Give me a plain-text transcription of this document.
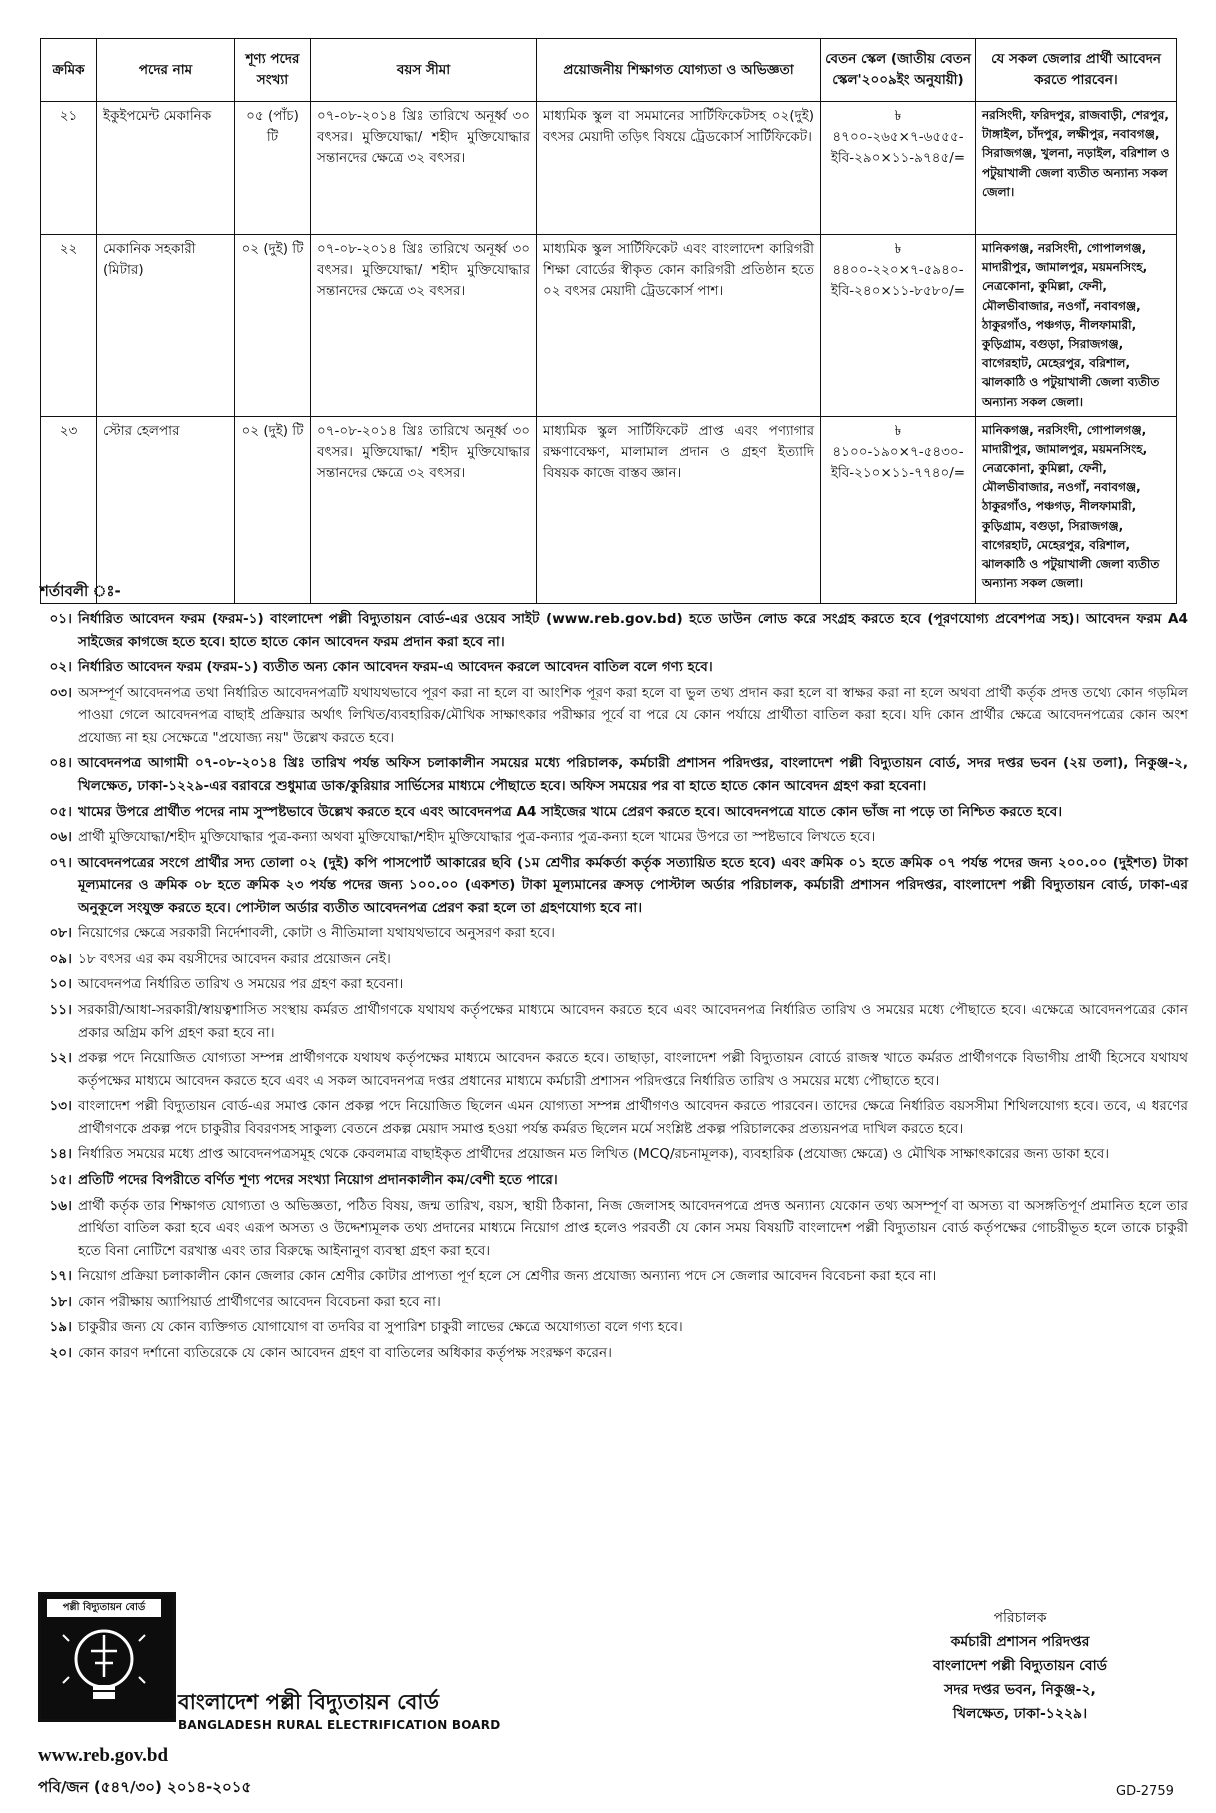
ক্রমিক	পদের নাম	শূণ্য পদের সংখ্যা	বয়স সীমা	প্রয়োজনীয় শিক্ষাগত যোগ্যতা ও অভিজ্ঞতা	বেতন স্কেল (জাতীয় বেতন স্কেল'২০০৯ইং অনুযায়ী)	যে সকল জেলার প্রার্থী আবেদন করতে পারবেন।
২১	ইকুইপমেন্ট মেকানিক	০৫ (পাঁচ) টি	০৭-০৮-২০১৪ খ্রিঃ তারিখে অনূর্ধ্ব ৩০ বৎসর। মুক্তিযোদ্ধা/ শহীদ মুক্তিযোদ্ধার সন্তানদের ক্ষেত্রে ৩২ বৎসর।	মাধ্যমিক স্কুল বা সমমানের সার্টিফিকেটসহ ০২(দুই) বৎসর মেয়াদী তড়িৎ বিষয়ে ট্রেডকোর্স সার্টিফিকেট।	৳ ৪৭০০-২৬৫×৭-৬৫৫৫-ইবি-২৯০×১১-৯৭৪৫/=	নরসিংদী, ফরিদপুর, রাজবাড়ী, শেরপুর, টাঙ্গাইল, চাঁদপুর, লক্ষীপুর, নবাবগঞ্জ, সিরাজগঞ্জ, খুলনা, নড়াইল, বরিশাল ও পটুয়াখালী জেলা ব্যতীত অন্যান্য সকল জেলা।
২২	মেকানিক সহকারী (মিটার)	০২ (দুই) টি	০৭-০৮-২০১৪ খ্রিঃ তারিখে অনূর্ধ্ব ৩০ বৎসর। মুক্তিযোদ্ধা/ শহীদ মুক্তিযোদ্ধার সন্তানদের ক্ষেত্রে ৩২ বৎসর।	মাধ্যমিক স্কুল সার্টিফিকেট এবং বাংলাদেশ কারিগরী শিক্ষা বোর্ডের স্বীকৃত কোন কারিগরী প্রতিষ্ঠান হতে ০২ বৎসর মেয়াদী ট্রেডকোর্স পাশ।	৳ ৪৪০০-২২০×৭-৫৯৪০-ইবি-২৪০×১১-৮৫৮০/=	মানিকগঞ্জ, নরসিংদী, গোপালগঞ্জ, মাদারীপুর, জামালপুর, ময়মনসিংহ, নেত্রকোনা, কুমিল্লা, ফেনী, মৌলভীবাজার, নওগাঁ, নবাবগঞ্জ, ঠাকুরগাঁও, পঞ্চগড়, নীলফামারী, কুড়িগ্রাম, বগুড়া, সিরাজগঞ্জ, বাগেরহাট, মেহেরপুর, বরিশাল, ঝালকাঠি ও পটুয়াখালী জেলা ব্যতীত অন্যান্য সকল জেলা।
২৩	স্টোর হেলপার	০২ (দুই) টি	০৭-০৮-২০১৪ খ্রিঃ তারিখে অনূর্ধ্ব ৩০ বৎসর। মুক্তিযোদ্ধা/ শহীদ মুক্তিযোদ্ধার সন্তানদের ক্ষেত্রে ৩২ বৎসর।	মাধ্যমিক স্কুল সার্টিফিকেট প্রাপ্ত এবং পণ্যাগার রক্ষণাবেক্ষণ, মালামাল প্রদান ও গ্রহণ ইত্যাদি বিষয়ক কাজে বাস্তব জ্ঞান।	৳ ৪১০০-১৯০×৭-৫৪৩০-ইবি-২১০×১১-৭৭৪০/=	মানিকগঞ্জ, নরসিংদী, গোপালগঞ্জ, মাদারীপুর, জামালপুর, ময়মনসিংহ, নেত্রকোনা, কুমিল্লা, ফেনী, মৌলভীবাজার, নওগাঁ, নবাবগঞ্জ, ঠাকুরগাঁও, পঞ্চগড়, নীলফামারী, কুড়িগ্রাম, বগুড়া, সিরাজগঞ্জ, বাগেরহাট, মেহেরপুর, বরিশাল, ঝালকাঠি ও পটুয়াখালী জেলা ব্যতীত অন্যান্য সকল জেলা।
শর্তাবলী ঃ-
০১। নির্ধারিত আবেদন ফরম (ফরম-১) বাংলাদেশ পল্লী বিদ্যুতায়ন বোর্ড-এর ওয়েব সাইট (www.reb.gov.bd) হতে ডাউন লোড করে সংগ্রহ করতে হবে (পূরণযোগ্য প্রবেশপত্র সহ)। আবেদন ফরম A4 সাইজের কাগজে হতে হবে। হাতে হাতে কোন আবেদন ফরম প্রদান করা হবে না।
০২। নির্ধারিত আবেদন ফরম (ফরম-১) ব্যতীত অন্য কোন আবেদন ফরম-এ আবেদন করলে আবেদন বাতিল বলে গণ্য হবে।
০৩। অসম্পূর্ণ আবেদনপত্র তথা নির্ধারিত আবেদনপত্রটি যথাযথভাবে পূরণ করা না হলে বা আংশিক পূরণ করা হলে বা ভুল তথ্য প্রদান করা হলে বা স্বাক্ষর করা না হলে অথবা প্রার্থী কর্তৃক প্রদত্ত তথ্যে কোন গড়মিল পাওয়া গেলে আবেদনপত্র বাছাই প্রক্রিয়ার অর্থাৎ লিখিত/ব্যবহারিক/মৌখিক সাক্ষাৎকার পরীক্ষার পূর্বে বা পরে যে কোন পর্যায়ে প্রার্থীতা বাতিল করা হবে। যদি কোন প্রার্থীর ক্ষেত্রে আবেদনপত্রের কোন অংশ প্রযোজ্য না হয় সেক্ষেত্রে "প্রযোজ্য নয়" উল্লেখ করতে হবে।
০৪। আবেদনপত্র আগামী ০৭-০৮-২০১৪ খ্রিঃ তারিখ পর্যন্ত অফিস চলাকালীন সময়ের মধ্যে পরিচালক, কর্মচারী প্রশাসন পরিদপ্তর, বাংলাদেশ পল্লী বিদ্যুতায়ন বোর্ড, সদর দপ্তর ভবন (২য় তলা), নিকুঞ্জ-২, খিলক্ষেত, ঢাকা-১২২৯-এর বরাবরে শুধুমাত্র ডাক/কুরিয়ার সার্ভিসের মাধ্যমে পৌছাতে হবে। অফিস সময়ের পর বা হাতে হাতে কোন আবেদন গ্রহণ করা হবেনা।
০৫। খামের উপরে প্রার্থীত পদের নাম সুস্পষ্টভাবে উল্লেখ করতে হবে এবং আবেদনপত্র A4 সাইজের খামে প্রেরণ করতে হবে। আবেদনপত্রে যাতে কোন ভাঁজ না পড়ে তা নিশ্চিত করতে হবে।
০৬। প্রার্থী মুক্তিযোদ্ধা/শহীদ মুক্তিযোদ্ধার পুত্র-কন্যা অথবা মুক্তিযোদ্ধা/শহীদ মুক্তিযোদ্ধার পুত্র-কন্যার পুত্র-কন্যা হলে খামের উপরে তা স্পষ্টভাবে লিখতে হবে।
০৭। আবেদনপত্রের সংগে প্রার্থীর সদ্য তোলা ০২ (দুই) কপি পাসপোর্ট আকারের ছবি (১ম শ্রেণীর কর্মকর্তা কর্তৃক সত্যায়িত হতে হবে) এবং ক্রমিক ০১ হতে ক্রমিক ০৭ পর্যন্ত পদের জন্য ২০০.০০ (দুইশত) টাকা মূল্যমানের ও ক্রমিক ০৮ হতে ক্রমিক ২৩ পর্যন্ত পদের জন্য ১০০.০০ (একশত) টাকা মূল্যমানের ক্রসড় পোস্টাল অর্ডার পরিচালক, কর্মচারী প্রশাসন পরিদপ্তর, বাংলাদেশ পল্লী বিদ্যুতায়ন বোর্ড, ঢাকা-এর অনুকূলে সংযুক্ত করতে হবে। পোস্টাল অর্ডার ব্যতীত আবেদনপত্র প্রেরণ করা হলে তা গ্রহণযোগ্য হবে না।
০৮। নিয়োগের ক্ষেত্রে সরকারী নির্দেশাবলী, কোটা ও নীতিমালা যথাযথভাবে অনুসরণ করা হবে।
০৯। ১৮ বৎসর এর কম বয়সীদের আবেদন করার প্রয়োজন নেই।
১০। আবেদনপত্র নির্ধারিত তারিখ ও সময়ের পর গ্রহণ করা হবেনা।
১১। সরকারী/আধা-সরকারী/স্বায়ত্বশাসিত সংস্থায় কর্মরত প্রার্থীগণকে যথাযথ কর্তৃপক্ষের মাধ্যমে আবেদন করতে হবে এবং আবেদনপত্র নির্ধারিত তারিখ ও সময়ের মধ্যে পৌছাতে হবে। এক্ষেত্রে আবেদনপত্রের কোন প্রকার অগ্রিম কপি গ্রহণ করা হবে না।
১২। প্রকল্প পদে নিয়োজিত যোগ্যতা সম্পন্ন প্রার্থীগণকে যথাযথ কর্তৃপক্ষের মাধ্যমে আবেদন করতে হবে। তাছাড়া, বাংলাদেশ পল্লী বিদ্যুতায়ন বোর্ডে রাজস্ব খাতে কর্মরত প্রার্থীগণকে বিভাগীয় প্রার্থী হিসেবে যথাযথ কর্তৃপক্ষের মাধ্যমে আবেদন করতে হবে এবং এ সকল আবেদনপত্র দপ্তর প্রধানের মাধ্যমে কর্মচারী প্রশাসন পরিদপ্তরে নির্ধারিত তারিখ ও সময়ের মধ্যে পৌছাতে হবে।
১৩। বাংলাদেশ পল্লী বিদ্যুতায়ন বোর্ড-এর সমাপ্ত কোন প্রকল্প পদে নিয়োজিত ছিলেন এমন যোগ্যতা সম্পন্ন প্রার্থীগণও আবেদন করতে পারবেন। তাদের ক্ষেত্রে নির্ধারিত বয়সসীমা শিথিলযোগ্য হবে। তবে, এ ধরণের প্রার্থীগণকে প্রকল্প পদে চাকুরীর বিবরণসহ সাকুল্য বেতনে প্রকল্প মেয়াদ সমাপ্ত হওয়া পর্যন্ত কর্মরত ছিলেন মর্মে সংশ্লিষ্ট প্রকল্প পরিচালকের প্রত্যয়নপত্র দাখিল করতে হবে।
১৪। নির্ধারিত সময়ের মধ্যে প্রাপ্ত আবেদনপত্রসমূহ থেকে কেবলমাত্র বাছাইকৃত প্রার্থীদের প্রয়োজন মত লিখিত (MCQ/রচনামূলক), ব্যবহারিক (প্রযোজ্য ক্ষেত্রে) ও মৌখিক সাক্ষাৎকারের জন্য ডাকা হবে।
১৫। প্রতিটি পদের বিপরীতে বর্ণিত শূণ্য পদের সংখ্যা নিয়োগ প্রদানকালীন কম/বেশী হতে পারে।
১৬। প্রার্থী কর্তৃক তার শিক্ষাগত যোগ্যতা ও অভিজ্ঞতা, পঠিত বিষয়, জন্ম তারিখ, বয়স, স্থায়ী ঠিকানা, নিজ জেলাসহ আবেদনপত্রে প্রদত্ত অন্যান্য যেকোন তথ্য অসম্পূর্ণ বা অসত্য বা অসঙ্গতিপূর্ণ প্রমানিত হলে তার প্রার্থিতা বাতিল করা হবে এবং এরূপ অসত্য ও উদ্দেশ্যমূলক তথ্য প্রদানের মাধ্যমে নিয়োগ প্রাপ্ত হলেও পরবর্তী যে কোন সময় বিষয়টি বাংলাদেশ পল্লী বিদ্যুতায়ন বোর্ড কর্তৃপক্ষের গোচরীভূত হলে তাকে চাকুরী হতে বিনা নোটিশে বরখাস্ত এবং তার বিরুদ্ধে আইনানুগ ব্যবস্থা গ্রহণ করা হবে।
১৭। নিয়োগ প্রক্রিয়া চলাকালীন কোন জেলার কোন শ্রেণীর কোটার প্রাপ্যতা পূর্ণ হলে সে শ্রেণীর জন্য প্রযোজ্য অন্যান্য পদে সে জেলার আবেদন বিবেচনা করা হবে না।
১৮। কোন পরীক্ষায় অ্যাপিয়ার্ড প্রার্থীগণের আবেদন বিবেচনা করা হবে না।
১৯। চাকুরীর জন্য যে কোন ব্যক্তিগত যোগাযোগ বা তদবির বা সুপারিশ চাকুরী লাভের ক্ষেত্রে অযোগ্যতা বলে গণ্য হবে।
২০। কোন কারণ দর্শানো ব্যতিরেকে যে কোন আবেদন গ্রহণ বা বাতিলের অধিকার কর্তৃপক্ষ সংরক্ষণ করেন।
পল্লী বিদ্যুতায়ন বোর্ড
বাংলাদেশ পল্লী বিদ্যুতায়ন বোর্ড
BANGLADESH RURAL ELECTRIFICATION BOARD
www.reb.gov.bd
পবি/জন (৫৪৭/৩০) ২০১৪-২০১৫
পরিচালক
কর্মচারী প্রশাসন পরিদপ্তর
বাংলাদেশ পল্লী বিদ্যুতায়ন বোর্ড
সদর দপ্তর ভবন, নিকুঞ্জ-২,
খিলক্ষেত, ঢাকা-১২২৯।
GD-2759
